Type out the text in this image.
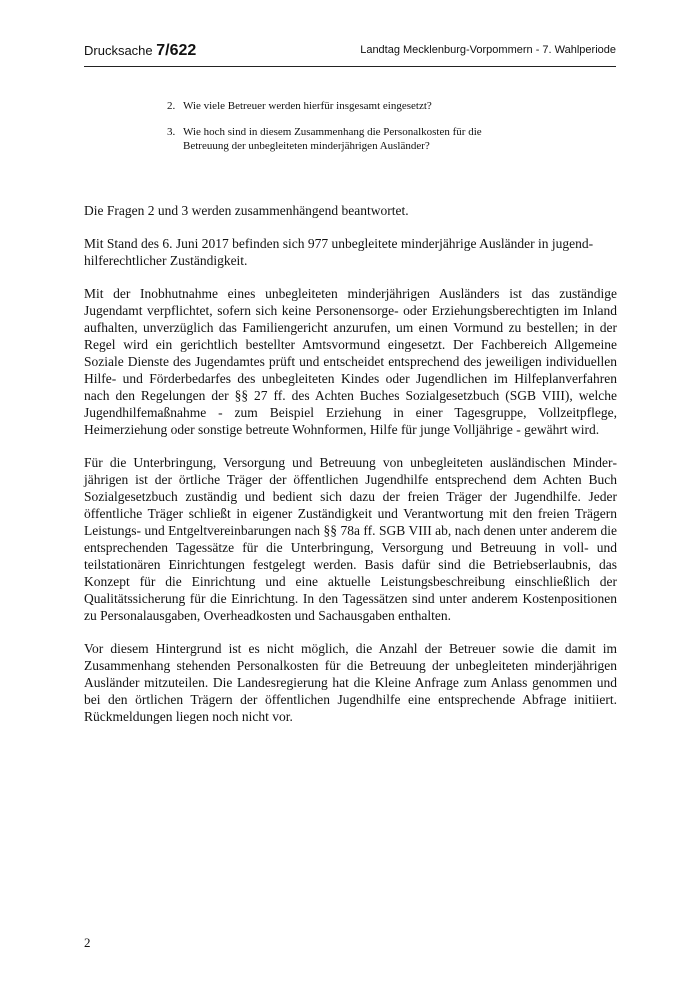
Drucksache 7/622	Landtag Mecklenburg-Vorpommern - 7. Wahlperiode
2. Wie viele Betreuer werden hierfür insgesamt eingesetzt?
3. Wie hoch sind in diesem Zusammenhang die Personalkosten für die Betreuung der unbegleiteten minderjährigen Ausländer?

Die Fragen 2 und 3 werden zusammenhängend beantwortet.

Mit Stand des 6. Juni 2017 befinden sich 977 unbegleitete minderjährige Ausländer in jugendhilferechtlicher Zuständigkeit.

Mit der Inobhutnahme eines unbegleiteten minderjährigen Ausländers ist das zuständige Jugendamt verpflichtet, sofern sich keine Personensorge- oder Erziehungsberechtigten im Inland aufhalten, unverzüglich das Familiengericht anzurufen, um einen Vormund zu bestellen; in der Regel wird ein gerichtlich bestellter Amtsvormund eingesetzt. Der Fachbereich Allgemeine Soziale Dienste des Jugendamtes prüft und entscheidet entsprechend des jeweiligen individuellen Hilfe- und Förderbedarfes des unbegleiteten Kindes oder Jugendlichen im Hilfeplanverfahren nach den Regelungen der §§ 27 ff. des Achten Buches Sozialgesetzbuch (SGB VIII), welche Jugendhilfemaßnahme - zum Beispiel Erziehung in einer Tagesgruppe, Vollzeitpflege, Heimerziehung oder sonstige betreute Wohnformen, Hilfe für junge Volljährige - gewährt wird.

Für die Unterbringung, Versorgung und Betreuung von unbegleiteten ausländischen Minderjährigen ist der örtliche Träger der öffentlichen Jugendhilfe entsprechend dem Achten Buch Sozialgesetzbuch zuständig und bedient sich dazu der freien Träger der Jugendhilfe. Jeder öffentliche Träger schließt in eigener Zuständigkeit und Verantwortung mit den freien Trägern Leistungs- und Entgeltvereinbarungen nach §§ 78a ff. SGB VIII ab, nach denen unter anderem die entsprechenden Tagessätze für die Unterbringung, Versorgung und Betreuung in voll- und teilstationären Einrichtungen festgelegt werden. Basis dafür sind die Betriebserlaubnis, das Konzept für die Einrichtung und eine aktuelle Leistungsbeschreibung einschließlich der Qualitätssicherung für die Einrichtung. In den Tagessätzen sind unter anderem Kostenpositionen zu Personalausgaben, Overheadkosten und Sachausgaben enthalten.

Vor diesem Hintergrund ist es nicht möglich, die Anzahl der Betreuer sowie die damit im Zusammenhang stehenden Personalkosten für die Betreuung der unbegleiteten minderjährigen Ausländer mitzuteilen. Die Landesregierung hat die Kleine Anfrage zum Anlass genommen und bei den örtlichen Trägern der öffentlichen Jugendhilfe eine entsprechende Abfrage initiiert. Rückmeldungen liegen noch nicht vor.

2
